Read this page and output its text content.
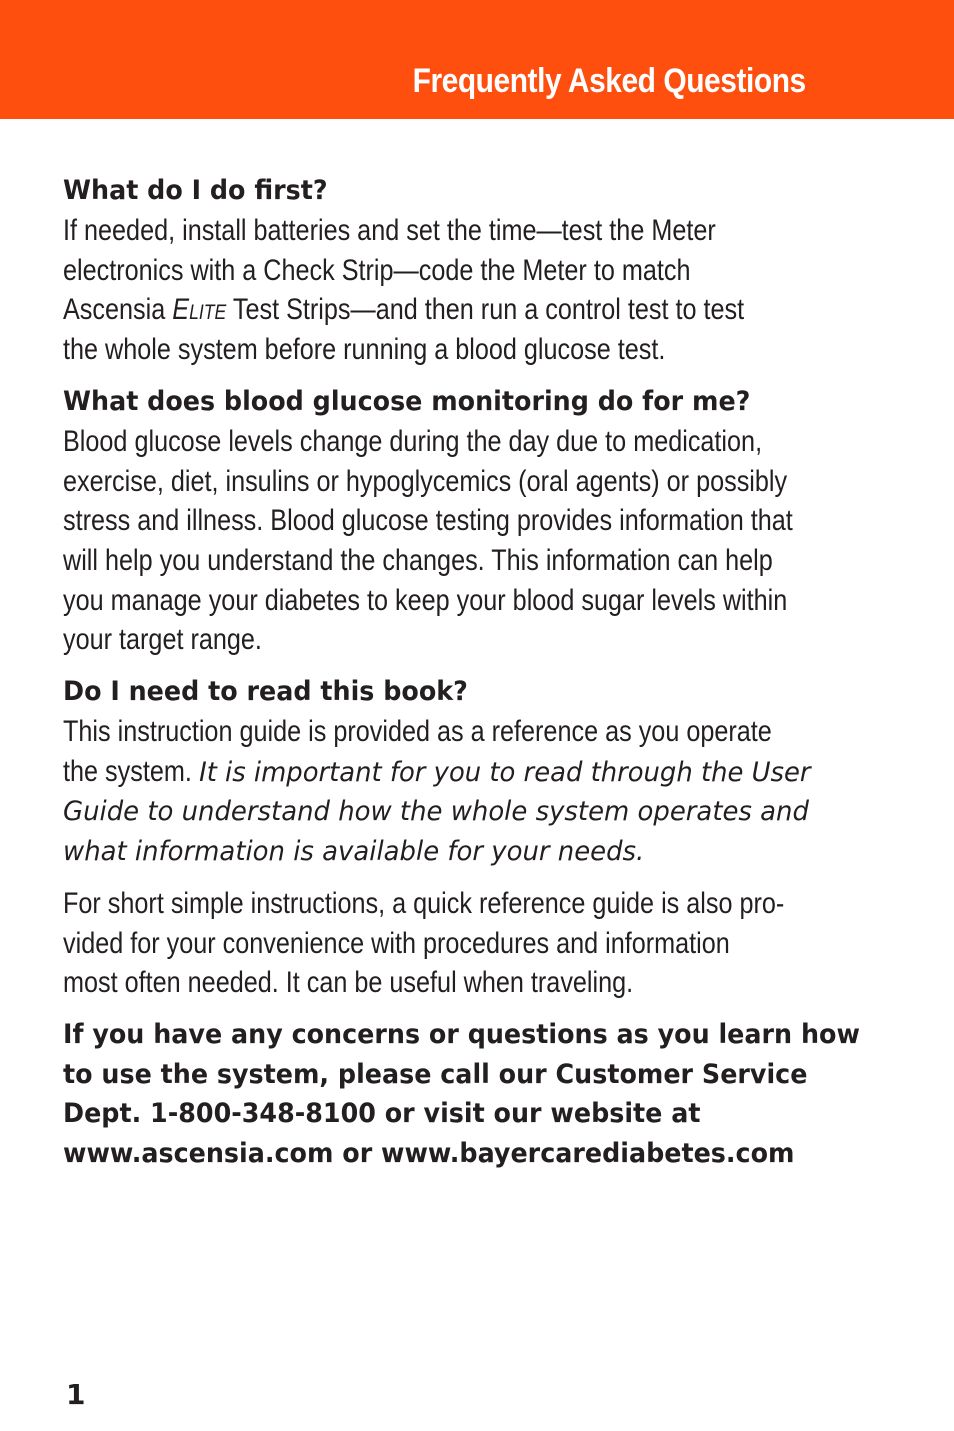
Frequently Asked Questions
What do I do first?
If needed, install batteries and set the time—test the Meter
electronics with a Check Strip—code the Meter to match
Ascensia Elite Test Strips—and then run a control test to test
the whole system before running a blood glucose test.
What does blood glucose monitoring do for me?
Blood glucose levels change during the day due to medication,
exercise, diet, insulins or hypoglycemics (oral agents) or possibly
stress and illness. Blood glucose testing provides information that
will help you understand the changes. This information can help
you manage your diabetes to keep your blood sugar levels within
your target range.
Do I need to read this book?
This instruction guide is provided as a reference as you operate
the system. It is important for you to read through the User
Guide to understand how the whole system operates and
what information is available for your needs.
For short simple instructions, a quick reference guide is also pro-
vided for your convenience with procedures and information
most often needed. It can be useful when traveling.
If you have any concerns or questions as you learn how
to use the system, please call our Customer Service
Dept. 1-800-348-8100 or visit our website at
www.ascensia.com or www.bayercarediabetes.com
1
